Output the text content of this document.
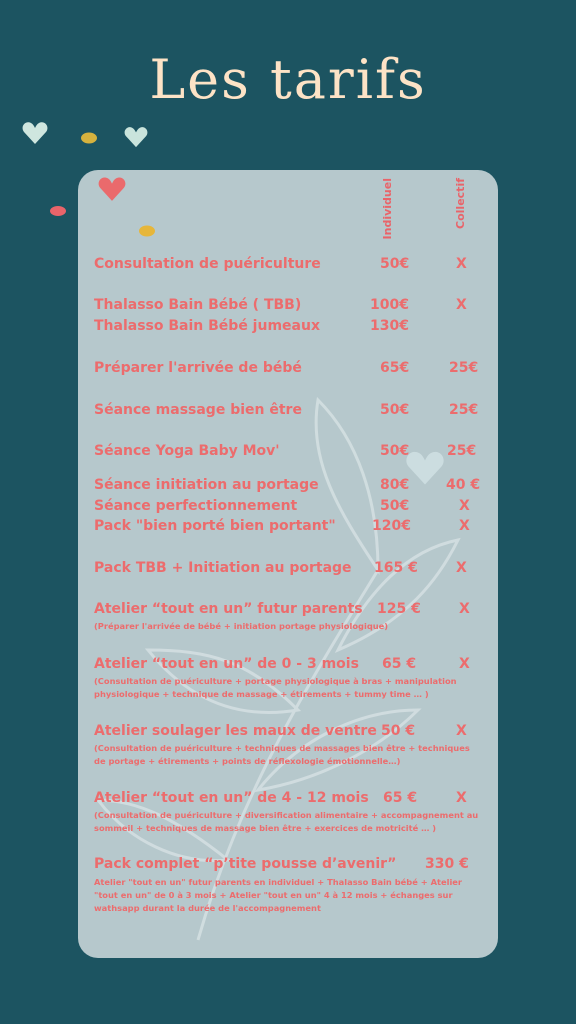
Les tarifs
Individuel	Collectif
Consultation de puériculture	50€	X
Thalasso Bain Bébé ( TBB)	100€	X
Thalasso Bain Bébé jumeaux	130€
Préparer l'arrivée de bébé	65€	25€
Séance massage bien être	50€	25€
Séance Yoga Baby Mov'	50€	25€
Séance initiation au portage	80€	40 €
Séance perfectionnement	50€	X
Pack "bien porté bien portant"	120€	X
Pack TBB + Initiation au portage 165 €	X
Atelier “tout en un” futur parents 125 €	X
(Préparer l'arrivée de bébé + initiation portage physiologique)
Atelier “tout en un” de 0 - 3 mois 65 €	X
(Consultation de puériculture + portage physiologique à bras + manipulation physiologique + technique de massage + étirements + tummy time … )
Atelier soulager les maux de ventre 50 €	X
(Consultation de puériculture + techniques de massages bien être + techniques de portage + étirements + points de réflexologie émotionnelle…)
Atelier “tout en un” de 4 - 12 mois 65 €	X
(Consultation de puériculture + diversification alimentaire + accompagnement au sommeil + techniques de massage bien être + exercices de motricité … )
Pack complet “p’tite pousse d’avenir” 330 €
Atelier "tout en un" futur parents en individuel + Thalasso Bain bébé + Atelier "tout en un" de 0 à 3 mois + Atelier "tout en un" 4 à 12 mois + échanges sur wathsapp durant la durée de l'accompagnement
